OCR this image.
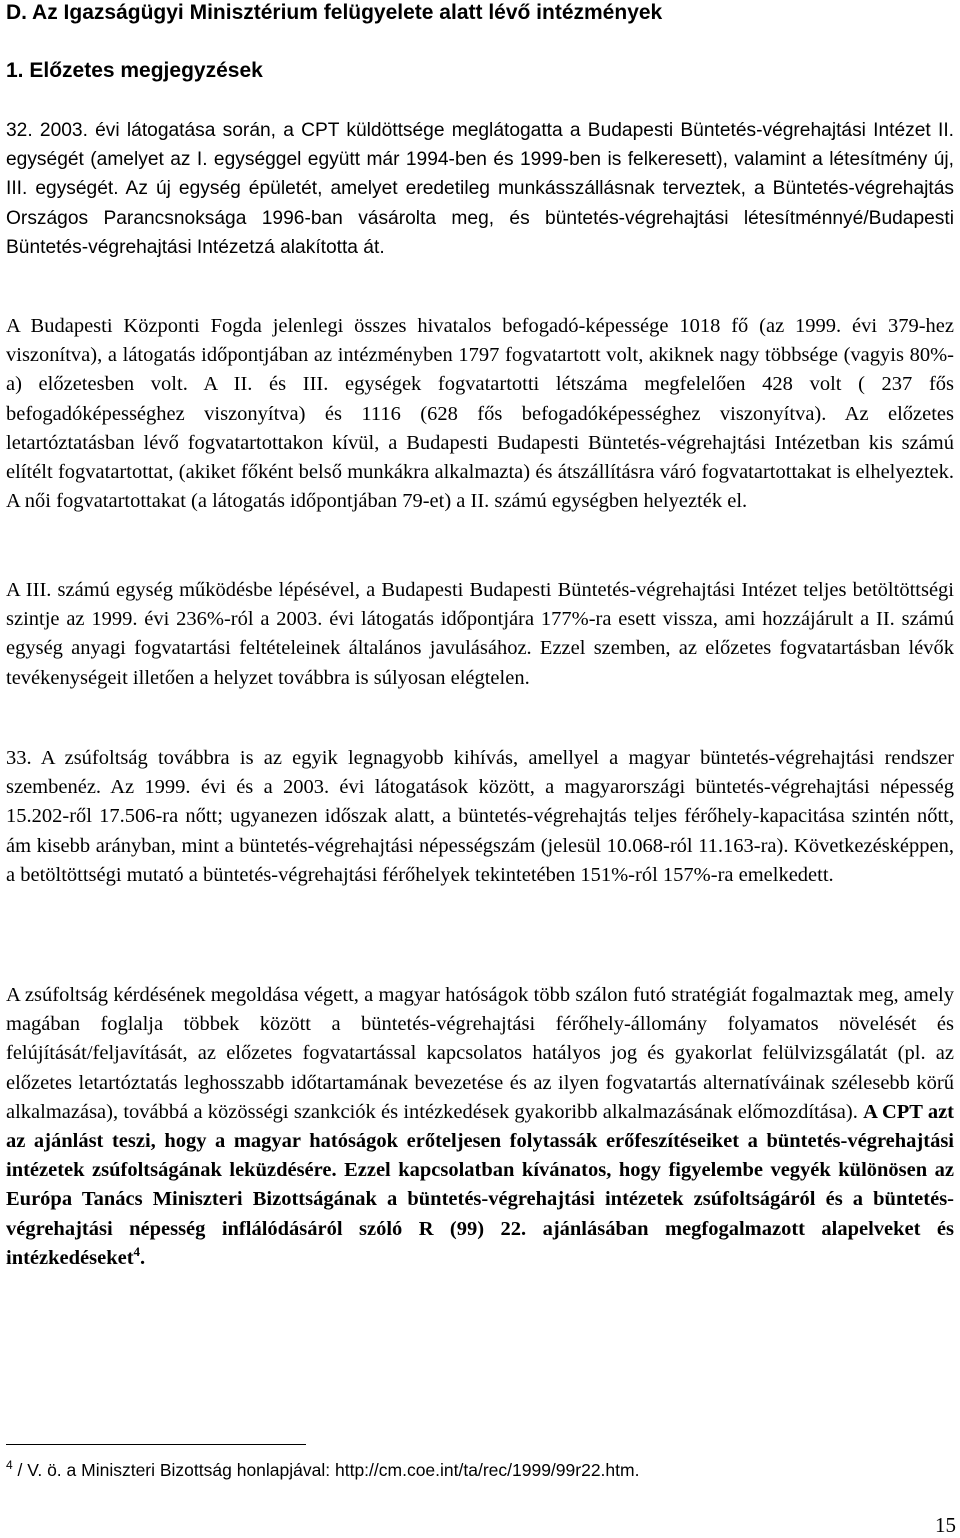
D. Az Igazságügyi Minisztérium felügyelete alatt lévő intézmények
1. Előzetes megjegyzések
32. 2003. évi látogatása során, a CPT küldöttsége meglátogatta a Budapesti Büntetés-végrehajtási Intézet II. egységét (amelyet az I. egységgel együtt már 1994-ben és 1999-ben is felkeresett), valamint a létesítmény új, III. egységét. Az új egység épületét, amelyet eredetileg munkásszállásnak terveztek, a Büntetés-végrehajtás Országos Parancsnoksága 1996-ban vásárolta meg, és büntetés-végrehajtási létesítménnyé/Budapesti Büntetés-végrehajtási Intézetzá alakította át.
A Budapesti Központi Fogda jelenlegi összes hivatalos befogadó-képessége 1018 fő (az 1999. évi 379-hez viszonítva), a látogatás időpontjában az intézményben 1797 fogvatartott volt, akiknek nagy többsége (vagyis 80%-a) előzetesben volt. A II. és III. egységek fogvatartotti létszáma megfelelően 428 volt ( 237 fős befogadóképességhez viszonyítva) és 1116 (628 fős befogadóképességhez viszonyítva). Az előzetes letartóztatásban lévő fogvatartottakon kívül, a Budapesti Budapesti Büntetés-végrehajtási Intézetban kis számú elítélt fogvatartottat, (akiket főként belső munkákra alkalmazta) és átszállításra váró fogvatartottakat is elhelyeztek. A női fogvatartottakat (a látogatás időpontjában 79-et) a II. számú egységben helyezték el.
A III. számú egység működésbe lépésével, a Budapesti Budapesti Büntetés-végrehajtási Intézet teljes betöltöttségi szintje az 1999. évi 236%-ról a 2003. évi látogatás időpontjára 177%-ra esett vissza, ami hozzájárult a II. számú egység anyagi fogvatartási feltételeinek általános javulásához. Ezzel szemben, az előzetes fogvatartásban lévők tevékenységeit illetően a helyzet továbbra is súlyosan elégtelen.
33. A zsúfoltság továbbra is az egyik legnagyobb kihívás, amellyel a magyar büntetés-végrehajtási rendszer szembenéz. Az 1999. évi és a 2003. évi látogatások között, a magyarországi büntetés-végrehajtási népesség 15.202-ről 17.506-ra nőtt; ugyanezen időszak alatt, a büntetés-végrehajtás teljes férőhely-kapacitása szintén nőtt, ám kisebb arányban, mint a büntetés-végrehajtási népességszám (jelesül 10.068-ról 11.163-ra). Következésképpen, a betöltöttségi mutató a büntetés-végrehajtási férőhelyek tekintetében 151%-ról 157%-ra emelkedett.
A zsúfoltság kérdésének megoldása végett, a magyar hatóságok több szálon futó stratégiát fogalmaztak meg, amely magában foglalja többek között a büntetés-végrehajtási férőhely-állomány folyamatos növelését és felújítását/feljavítását, az előzetes fogvatartással kapcsolatos hatályos jog és gyakorlat felülvizsgálatát (pl. az előzetes letartóztatás leghosszabb időtartamának bevezetése és az ilyen fogvatartás alternatíváinak szélesebb körű alkalmazása), továbbá a közösségi szankciók és intézkedések gyakoribb alkalmazásának előmozdítása). A CPT azt az ajánlást teszi, hogy a magyar hatóságok erőteljesen folytassák erőfeszítéseiket a büntetés-végrehajtási intézetek zsúfoltságának leküzdésére. Ezzel kapcsolatban kívánatos, hogy figyelembe vegyék különösen az Európa Tanács Miniszteri Bizottságának a büntetés-végrehajtási intézetek zsúfoltságáról és a büntetés-végrehajtási népesség inflálódásáról szóló R (99) 22. ajánlásában megfogalmazott alapelveket és intézkedéseket$^4$.
$^4$ / V. ö. a Miniszteri Bizottság honlapjával: http://cm.coe.int/ta/rec/1999/99r22.htm.
15
